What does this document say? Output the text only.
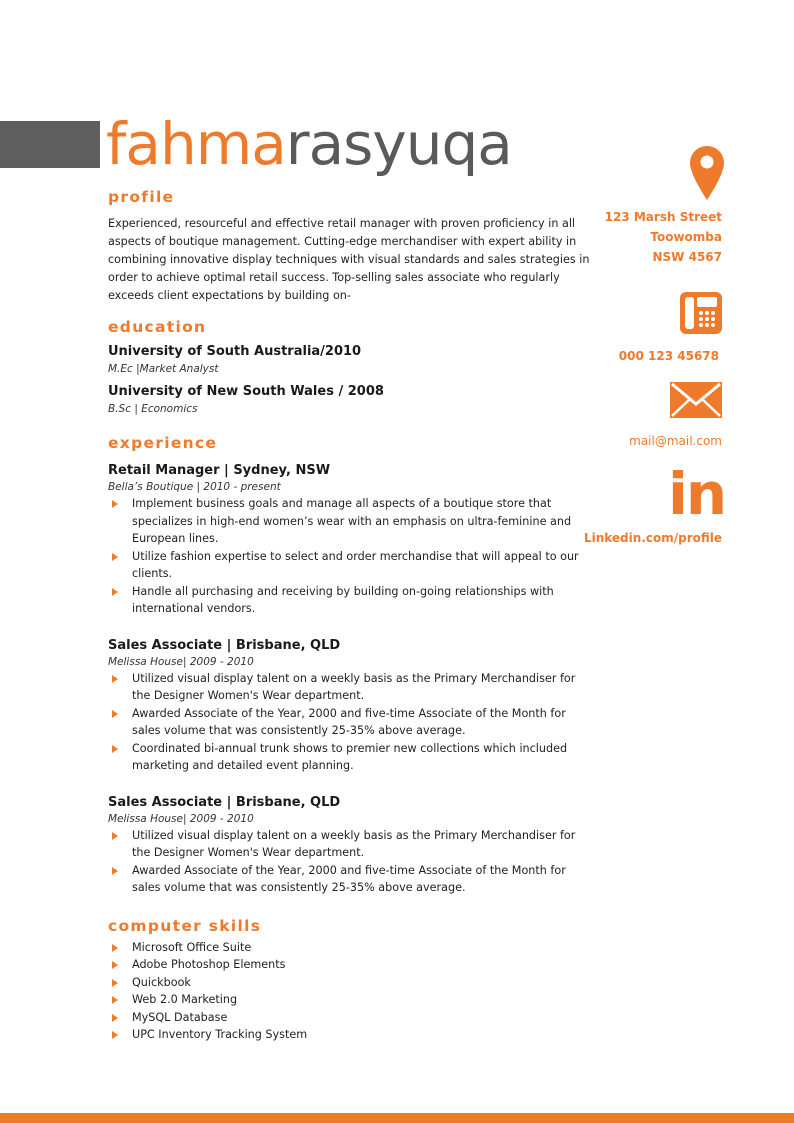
fahmarasyuqa
profile

Experienced, resourceful and effective retail manager with proven proficiency in all aspects of boutique management. Cutting-edge merchandiser with expert ability in combining innovative display techniques with visual standards and sales strategies in order to achieve optimal retail success. Top-selling sales associate who regularly exceeds client expectations by building on-

education

University of South Australia/2010

M.Ec |Market Analyst

University of New South Wales / 2008

B.Sc | Economics

experience

Retail Manager | Sydney, NSW

Bella’s Boutique | 2010 - present

Implement business goals and manage all aspects of a boutique store that specializes in high-end women’s wear with an emphasis on ultra-feminine and European lines.
Utilize fashion expertise to select and order merchandise that will appeal to our clients.
Handle all purchasing and receiving by building on-going relationships with international vendors.

Sales Associate | Brisbane, QLD

Melissa House| 2009 - 2010

Utilized visual display talent on a weekly basis as the Primary Merchandiser for the Designer Women's Wear department.
Awarded Associate of the Year, 2000 and five-time Associate of the Month for sales volume that was consistently 25-35% above average.
Coordinated bi-annual trunk shows to premier new collections which included marketing and detailed event planning.

Sales Associate | Brisbane, QLD

Melissa House| 2009 - 2010

Utilized visual display talent on a weekly basis as the Primary Merchandiser for the Designer Women's Wear department.
Awarded Associate of the Year, 2000 and five-time Associate of the Month for sales volume that was consistently 25-35% above average.
computer skills
Microsoft Office Suite
Adobe Photoshop Elements
Quickbook
Web 2.0 Marketing
MySQL Database
UPC Inventory Tracking System
123 Marsh Street
Toowomba
NSW 4567
000 123 45678
mail@mail.com
in
Linkedin.com/profile
